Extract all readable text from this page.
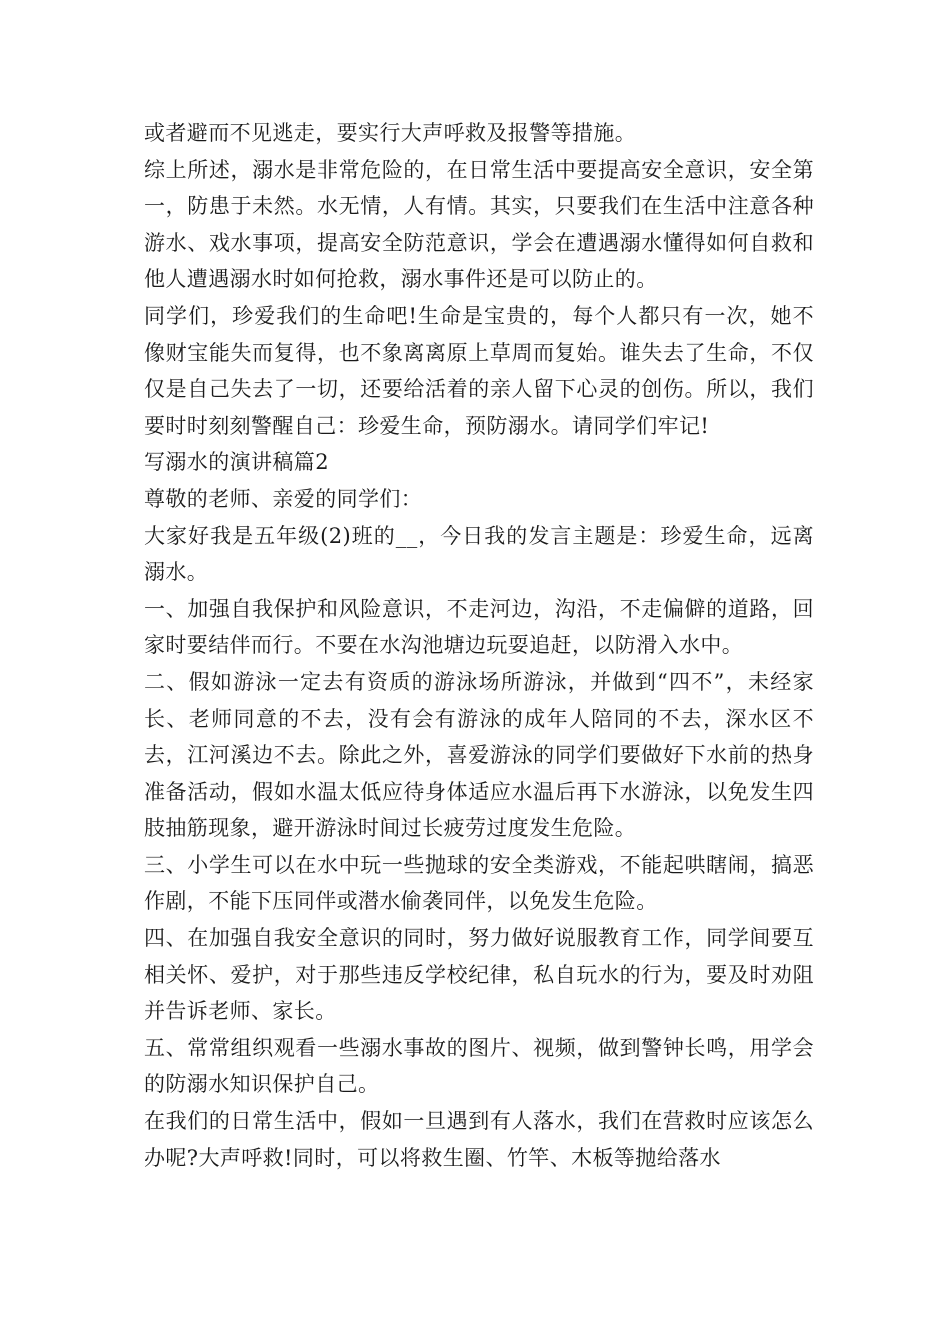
或者避而不见逃走，要实行大声呼救及报警等措施。

综上所述，溺水是非常危险的，在日常生活中要提高安全意识，安全第一，防患于未然。水无情，人有情。其实，只要我们在生活中注意各种游水、戏水事项，提高安全防范意识，学会在遭遇溺水懂得如何自救和他人遭遇溺水时如何抢救，溺水事件还是可以防止的。

同学们，珍爱我们的生命吧!生命是宝贵的，每个人都只有一次，她不像财宝能失而复得，也不象离离原上草周而复始。谁失去了生命，不仅仅是自己失去了一切，还要给活着的亲人留下心灵的创伤。所以，我们要时时刻刻警醒自己：珍爱生命，预防溺水。请同学们牢记!

写溺水的演讲稿篇2

尊敬的老师、亲爱的同学们：

大家好我是五年级(2)班的__，今日我的发言主题是：珍爱生命，远离溺水。

一、加强自我保护和风险意识，不走河边，沟沿，不走偏僻的道路，回家时要结伴而行。不要在水沟池塘边玩耍追赶，以防滑入水中。

二、假如游泳一定去有资质的游泳场所游泳，并做到“四不”，未经家长、老师同意的不去，没有会有游泳的成年人陪同的不去，深水区不去，江河溪边不去。除此之外，喜爱游泳的同学们要做好下水前的热身准备活动，假如水温太低应待身体适应水温后再下水游泳，以免发生四肢抽筋现象，避开游泳时间过长疲劳过度发生危险。

三、小学生可以在水中玩一些抛球的安全类游戏，不能起哄瞎闹，搞恶作剧，不能下压同伴或潜水偷袭同伴，以免发生危险。

四、在加强自我安全意识的同时，努力做好说服教育工作，同学间要互相关怀、爱护，对于那些违反学校纪律，私自玩水的行为，要及时劝阻并告诉老师、家长。

五、常常组织观看一些溺水事故的图片、视频，做到警钟长鸣，用学会的防溺水知识保护自己。

在我们的日常生活中，假如一旦遇到有人落水，我们在营救时应该怎么办呢?大声呼救!同时，可以将救生圈、竹竿、木板等抛给落水
